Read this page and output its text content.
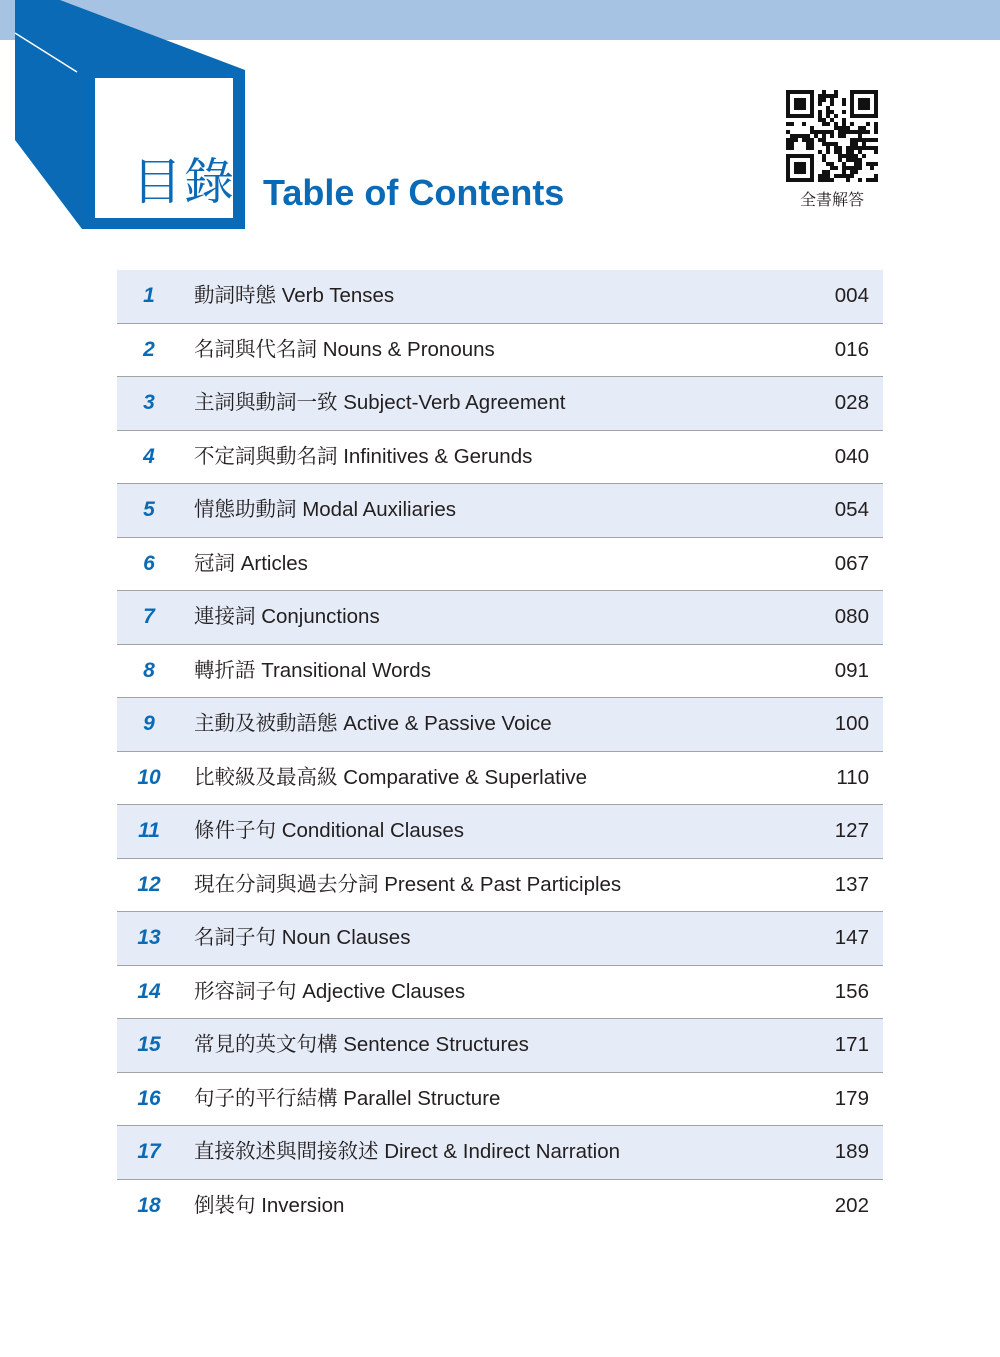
目錄 Table of Contents	全書解答
1	動詞時態 Verb Tenses	004
2	名詞與代名詞 Nouns & Pronouns	016
3	主詞與動詞一致 Subject-Verb Agreement	028
4	不定詞與動名詞 Infinitives & Gerunds	040
5	情態助動詞 Modal Auxiliaries	054
6	冠詞 Articles	067
7	連接詞 Conjunctions	080
8	轉折語 Transitional Words	091
9	主動及被動語態 Active & Passive Voice	100
10	比較級及最高級 Comparative & Superlative	110
11	條件子句 Conditional Clauses	127
12	現在分詞與過去分詞 Present & Past Participles	137
13	名詞子句 Noun Clauses	147
14	形容詞子句 Adjective Clauses	156
15	常見的英文句構 Sentence Structures	171
16	句子的平行結構 Parallel Structure	179
17	直接敘述與間接敘述 Direct & Indirect Narration	189
18	倒裝句 Inversion	202
